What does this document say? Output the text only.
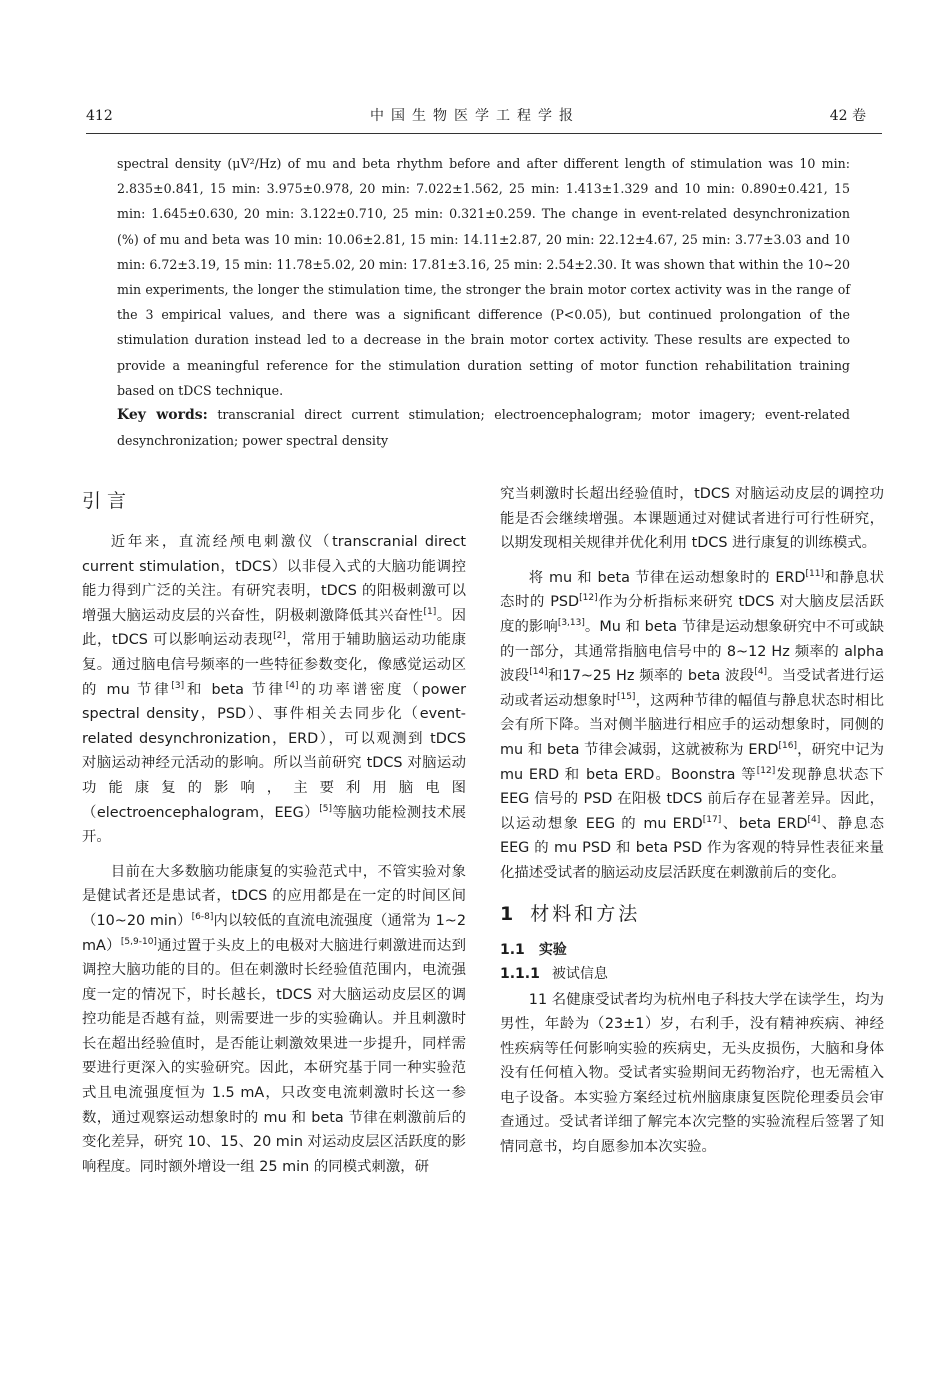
412	中国生物医学工程学报	42 卷

spectral density (μV²/Hz) of mu and beta rhythm before and after different length of stimulation was 10 min: 2.835±0.841, 15 min: 3.975±0.978, 20 min: 7.022±1.562, 25 min: 1.413±1.329 and 10 min: 0.890±0.421, 15 min: 1.645±0.630, 20 min: 3.122±0.710, 25 min: 0.321±0.259. The change in event-related desynchronization (%) of mu and beta was 10 min: 10.06±2.81, 15 min: 14.11±2.87, 20 min: 22.12±4.67, 25 min: 3.77±3.03 and 10 min: 6.72±3.19, 15 min: 11.78±5.02, 20 min: 17.81±3.16, 25 min: 2.54±2.30. It was shown that within the 10~20 min experiments, the longer the stimulation time, the stronger the brain motor cortex activity was in the range of the 3 empirical values, and there was a significant difference (P<0.05), but continued prolongation of the stimulation duration instead led to a decrease in the brain motor cortex activity. These results are expected to provide a meaningful reference for the stimulation duration setting of motor function rehabilitation training based on tDCS technique.

Key words: transcranial direct current stimulation; electroencephalogram; motor imagery; event-related desynchronization; power spectral density

引言

近年来，直流经颅电刺激仪（transcranial direct current stimulation，tDCS）以非侵入式的大脑功能调控能力得到广泛的关注。有研究表明，tDCS 的阳极刺激可以增强大脑运动皮层的兴奋性，阴极刺激降低其兴奋性[1]。因此，tDCS 可以影响运动表现[2]，常用于辅助脑运动功能康复。通过脑电信号频率的一些特征参数变化，像感觉运动区的 mu 节律[3]和 beta 节律[4]的功率谱密度（power spectral density，PSD）、事件相关去同步化（event-related desynchronization，ERD），可以观测到 tDCS 对脑运动神经元活动的影响。所以当前研究 tDCS 对脑运动功能康复的影响，主要利用脑电图（electroencephalogram，EEG）[5]等脑功能检测技术展开。

目前在大多数脑功能康复的实验范式中，不管实验对象是健试者还是患试者，tDCS 的应用都是在一定的时间区间（10~20 min）[6-8]内以较低的直流电流强度（通常为 1~2 mA）[5,9-10]通过置于头皮上的电极对大脑进行刺激进而达到调控大脑功能的目的。但在刺激时长经验值范围内，电流强度一定的情况下，时长越长，tDCS 对大脑运动皮层区的调控功能是否越有益，则需要进一步的实验确认。并且刺激时长在超出经验值时，是否能让刺激效果进一步提升，同样需要进行更深入的实验研究。因此，本研究基于同一种实验范式且电流强度恒为 1.5 mA，只改变电流刺激时长这一参数，通过观察运动想象时的 mu 和 beta 节律在刺激前后的变化差异，研究 10、15、20 min 对运动皮层区活跃度的影响程度。同时额外增设一组 25 min 的同模式刺激，研

究当刺激时长超出经验值时，tDCS 对脑运动皮层的调控功能是否会继续增强。本课题通过对健试者进行可行性研究，以期发现相关规律并优化利用 tDCS 进行康复的训练模式。

将 mu 和 beta 节律在运动想象时的 ERD[11]和静息状态时的 PSD[12]作为分析指标来研究 tDCS 对大脑皮层活跃度的影响[3,13]。Mu 和 beta 节律是运动想象研究中不可或缺的一部分，其通常指脑电信号中的 8~12 Hz 频率的 alpha 波段[14]和17~25 Hz 频率的 beta 波段[4]。当受试者进行运动或者运动想象时[15]，这两种节律的幅值与静息状态时相比会有所下降。当对侧半脑进行相应手的运动想象时，同侧的 mu 和 beta 节律会减弱，这就被称为 ERD[16]，研究中记为 mu ERD 和 beta ERD。Boonstra 等[12]发现静息状态下 EEG 信号的 PSD 在阳极 tDCS 前后存在显著差异。因此，以运动想象 EEG 的 mu ERD[17]、beta ERD[4]、静息态 EEG 的 mu PSD 和 beta PSD 作为客观的特异性表征来量化描述受试者的脑运动皮层活跃度在刺激前后的变化。

1 材料和方法
1.1 实验
1.1.1 被试信息

11 名健康受试者均为杭州电子科技大学在读学生，均为男性，年龄为（23±1）岁，右利手，没有精神疾病、神经性疾病等任何影响实验的疾病史，无头皮损伤，大脑和身体没有任何植入物。受试者实验期间无药物治疗，也无需植入电子设备。本实验方案经过杭州脑康康复医院伦理委员会审查通过。受试者详细了解完本次完整的实验流程后签署了知情同意书，均自愿参加本次实验。
